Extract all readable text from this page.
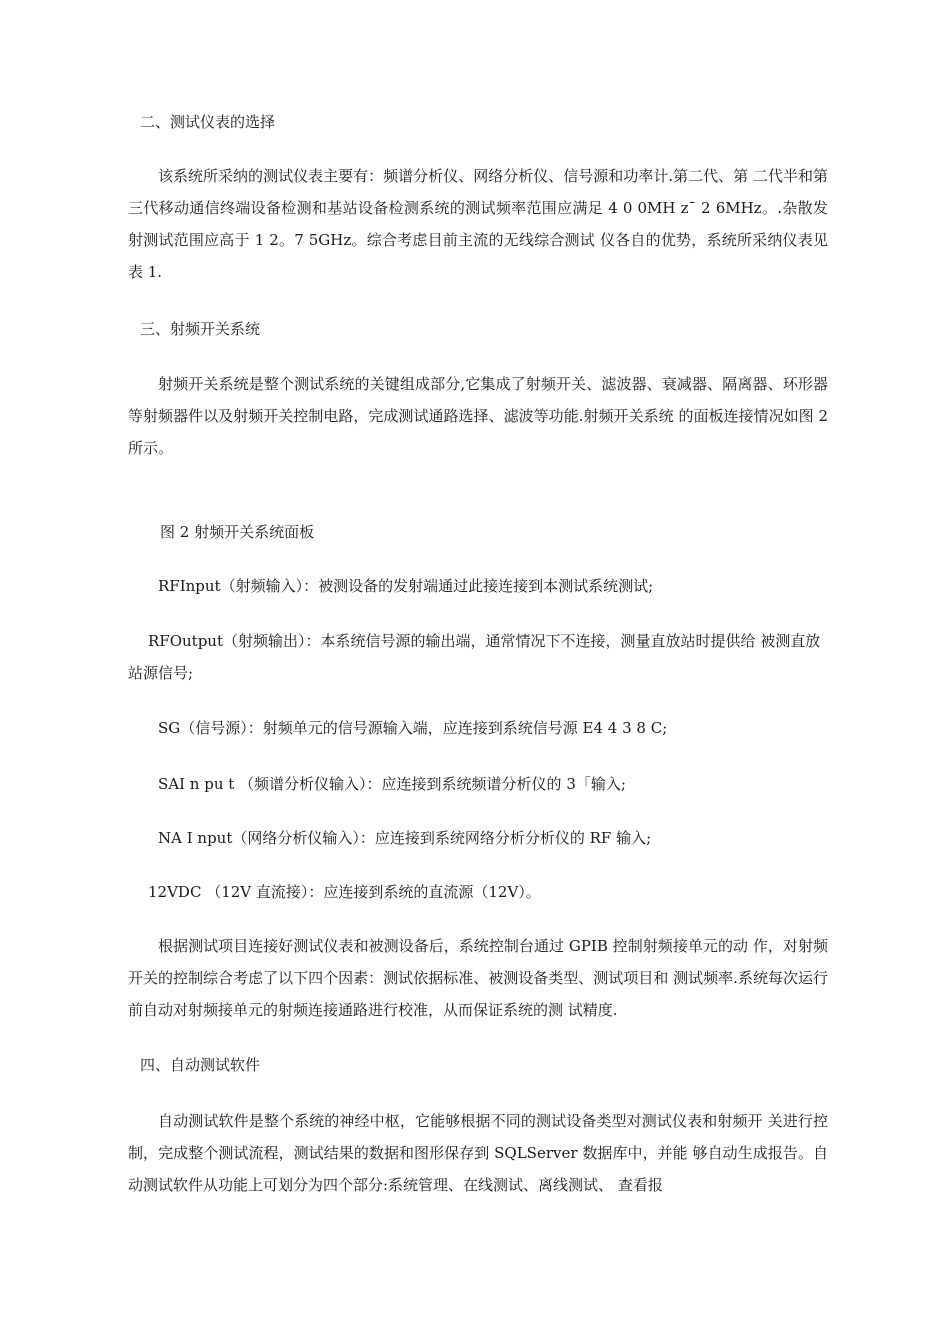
二、测试仪表的选择

该系统所采纳的测试仪表主要有：频谱分析仪、网络分析仪、信号源和功率计.第二代、第 二代半和第三代移动通信终端设备检测和基站设备检测系统的测试频率范围应满足 4 0 0MH z¯ 2 6MHz。.杂散发射测试范围应高于 1 2。7 5GHz。综合考虑目前主流的无线综合测试 仪各自的优势，系统所采纳仪表见表 1.

三、射频开关系统

射频开关系统是整个测试系统的关键组成部分,它集成了射频开关、滤波器、衰减器、隔离器、环形器等射频器件以及射频开关控制电路，完成测试通路选择、滤波等功能.射频开关系统 的面板连接情况如图 2 所示。

图 2 射频开关系统面板

RFInput（射频输入）：被测设备的发射端通过此接连接到本测试系统测试;

RFOutput（射频输出）：本系统信号源的输出端，通常情况下不连接，测量直放站时提供给 被测直放站源信号;

SG（信号源）：射频单元的信号源输入端，应连接到系统信号源 E4 4 3 8 C;

SAI n pu t （频谱分析仪输入）：应连接到系统频谱分析仪的 3「输入;

NA I nput（网络分析仪输入）：应连接到系统网络分析分析仪的 RF 输入;

12VDC （12V 直流接）：应连接到系统的直流源（12V）。

根据测试项目连接好测试仪表和被测设备后，系统控制台通过 GPIB 控制射频接单元的动 作，对射频开关的控制综合考虑了以下四个因素：测试依据标准、被测设备类型、测试项目和 测试频率.系统每次运行前自动对射频接单元的射频连接通路进行校准，从而保证系统的测 试精度.

四、自动测试软件

自动测试软件是整个系统的神经中枢，它能够根据不同的测试设备类型对测试仪表和射频开 关进行控制，完成整个测试流程，测试结果的数据和图形保存到 SQLServer 数据库中，并能 够自动生成报告。自动测试软件从功能上可划分为四个部分:系统管理、在线测试、离线测试、 查看报
